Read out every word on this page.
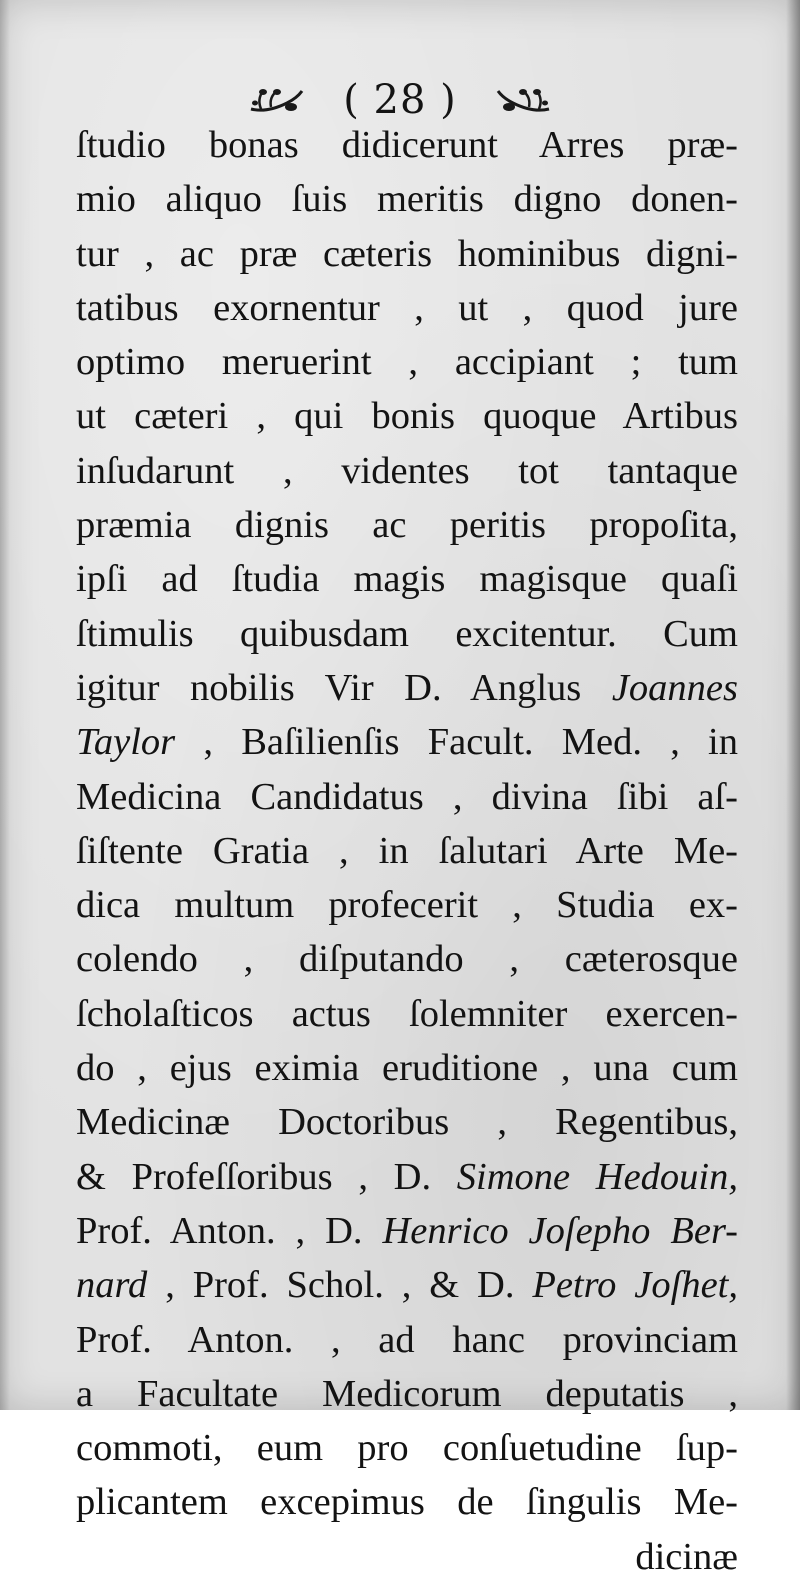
( 28 )
ſtudio bonas didicerunt Arres præ-
mio aliquo ſuis meritis digno donen-
tur , ac præ cæteris hominibus digni-
tatibus exornentur , ut , quod jure
optimo meruerint , accipiant ; tum
ut cæteri , qui bonis quoque Artibus
inſudarunt , videntes tot tantaque
præmia dignis ac peritis propoſita,
ipſi ad ſtudia magis magisque quaſi
ſtimulis quibusdam excitentur. Cum
igitur nobilis Vir D. Anglus Joannes
Taylor , Baſilienſis Facult. Med. , in
Medicina Candidatus , divina ſibi aſ-
ſiſtente Gratia , in ſalutari Arte Me-
dica multum profecerit , Studia ex-
colendo , diſputando , cæterosque
ſcholaſticos actus ſolemniter exercen-
do , ejus eximia eruditione , una cum
Medicinæ Doctoribus , Regentibus,
& Profeſſoribus , D. Simone Hedouin,
Prof. Anton. , D. Henrico Joſepho Ber-
nard , Prof. Schol. , & D. Petro Joſhet,
Prof. Anton. , ad hanc provinciam
a Facultate Medicorum deputatis ,
commoti, eum pro conſuetudine ſup-
plicantem excepimus de ſingulis Me-
dicinæ
